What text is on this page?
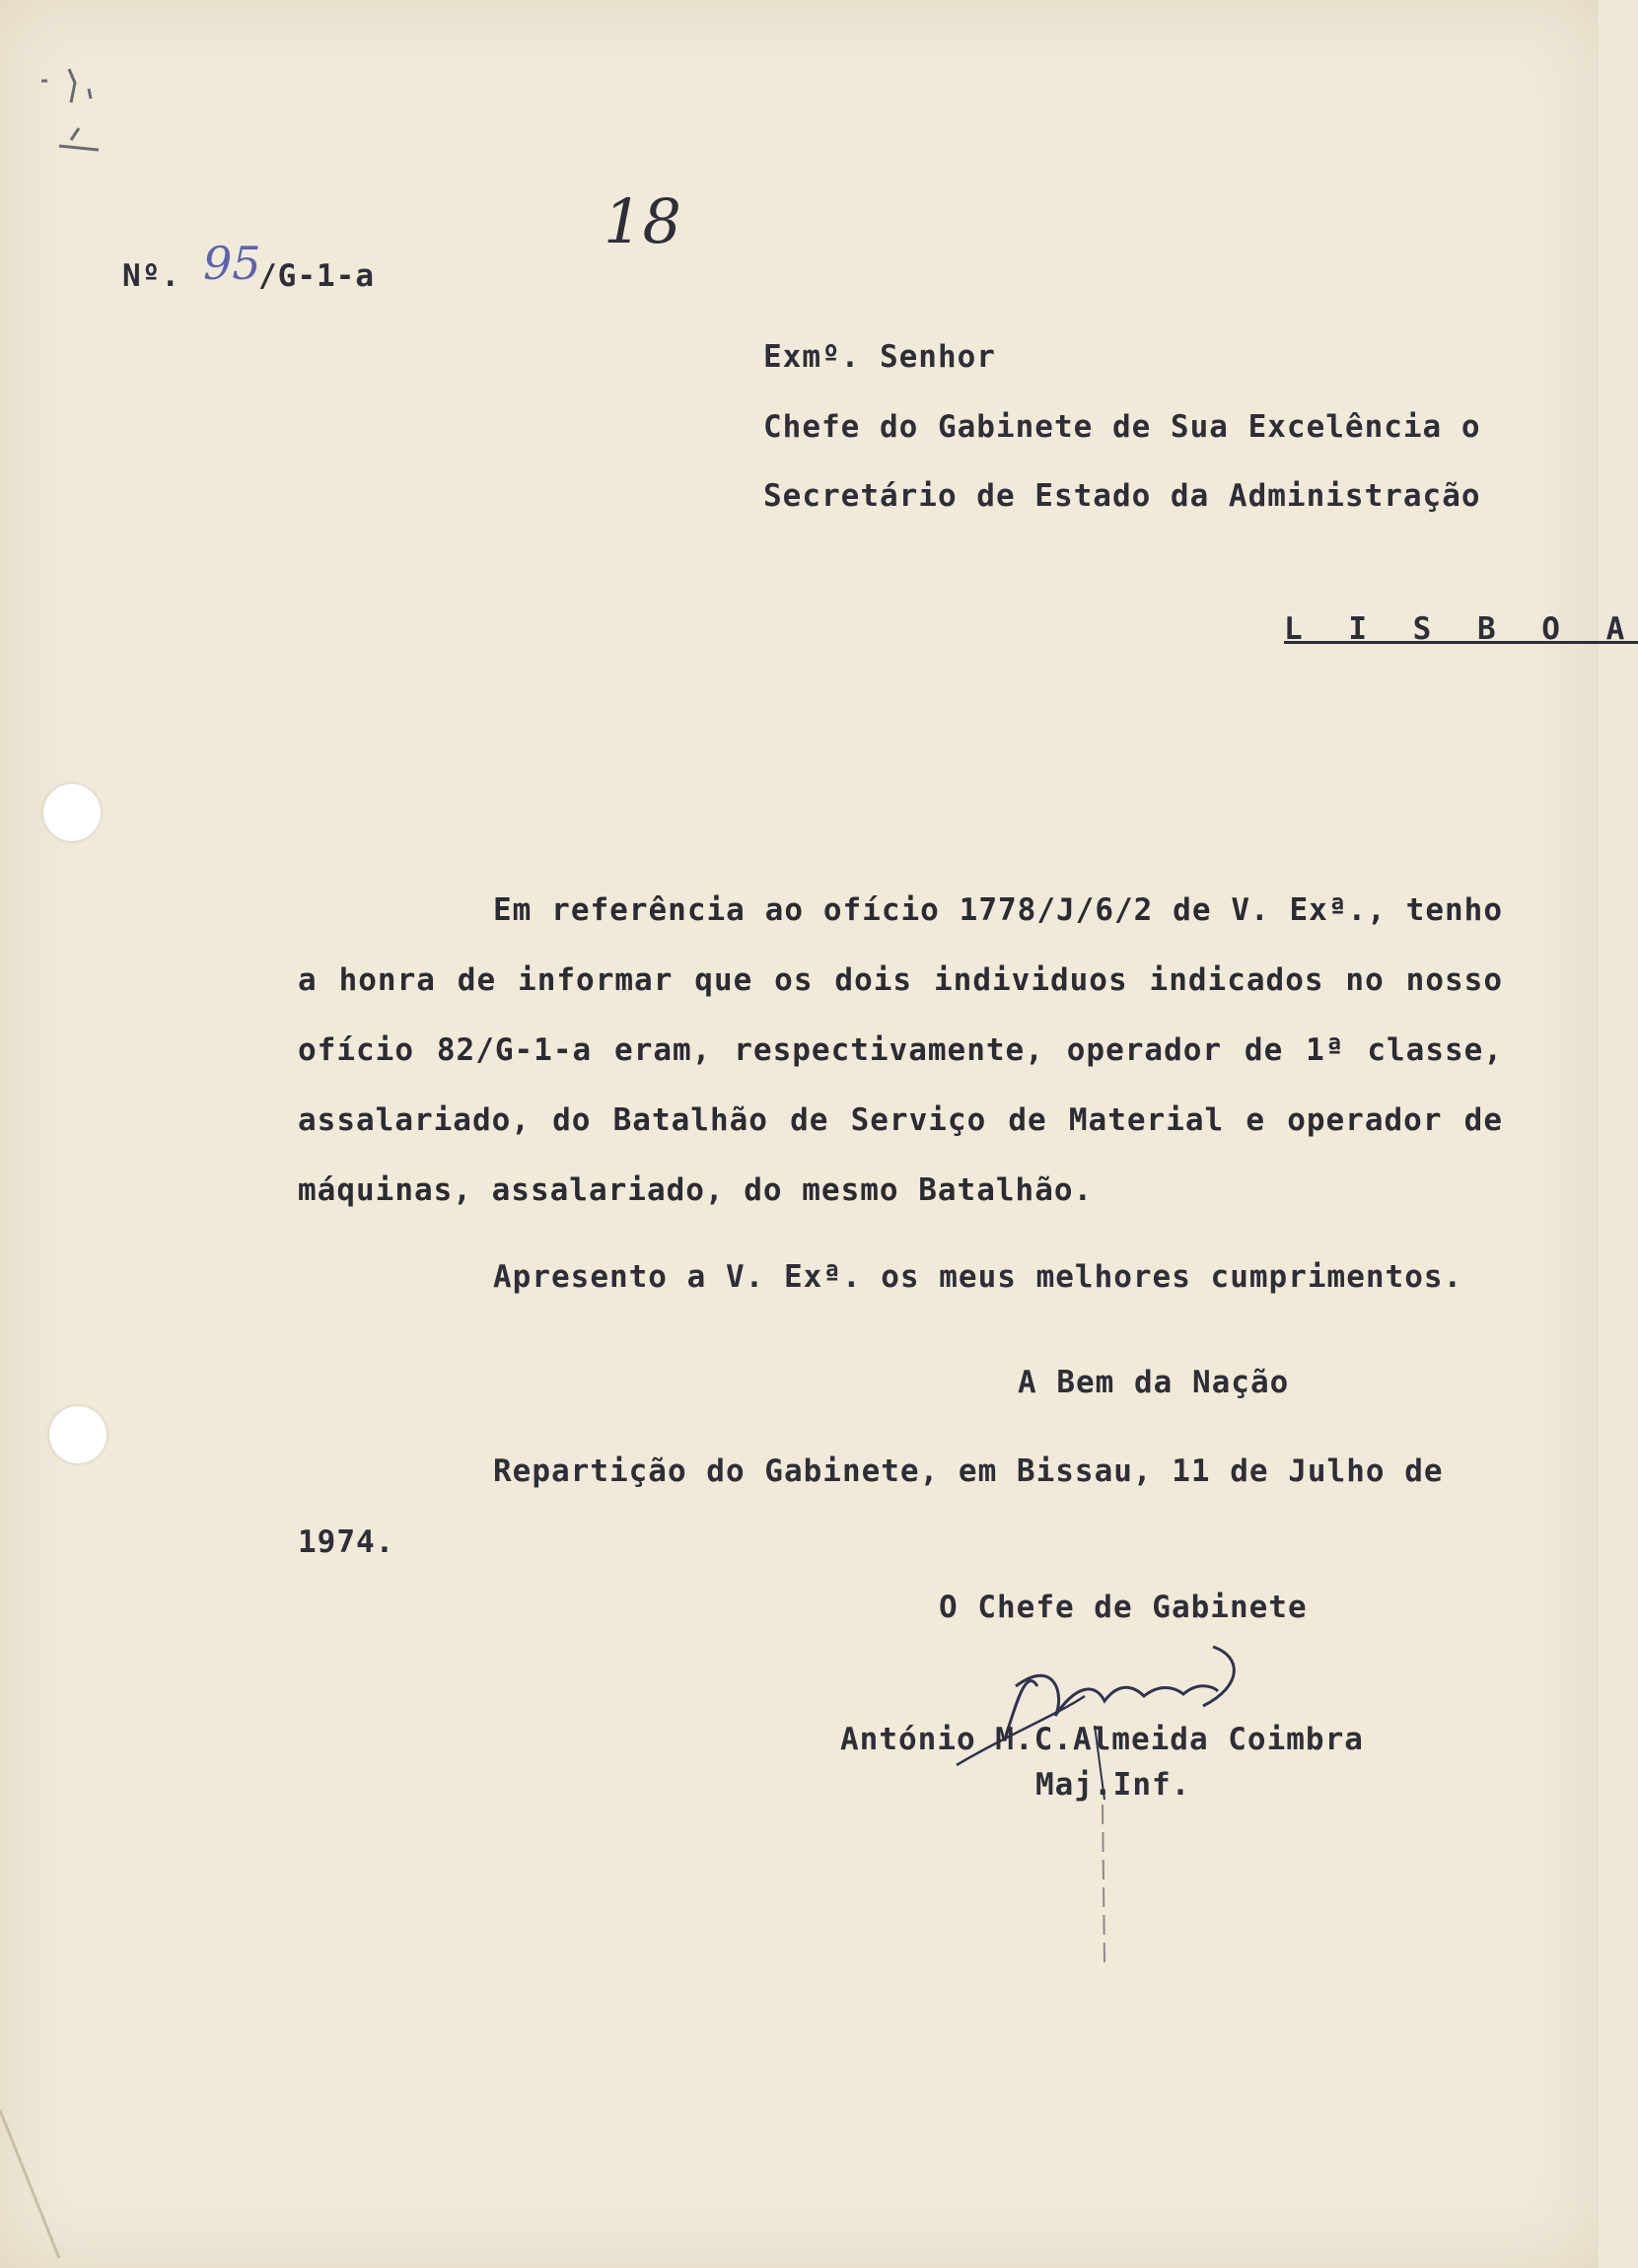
Nº. 95
/G-1-a
18
Exmº. Senhor
Chefe do Gabinete de Sua Excelência o
Secretário de Estado da Administração
L I S B O A
Em referência ao ofício 1778/J/6/2 de V. Exª., tenho
a honra de informar que os dois individuos indicados no nosso
ofício 82/G-1-a eram, respectivamente, operador de 1ª classe,
assalariado, do Batalhão de Serviço de Material e operador de
máquinas, assalariado, do mesmo Batalhão.
Apresento a V. Exª. os meus melhores cumprimentos.
A Bem da Nação
Repartição do Gabinete, em Bissau, 11 de Julho de
1974.
O Chefe de Gabinete
António M.C.Almeida Coimbra
Maj.Inf.
